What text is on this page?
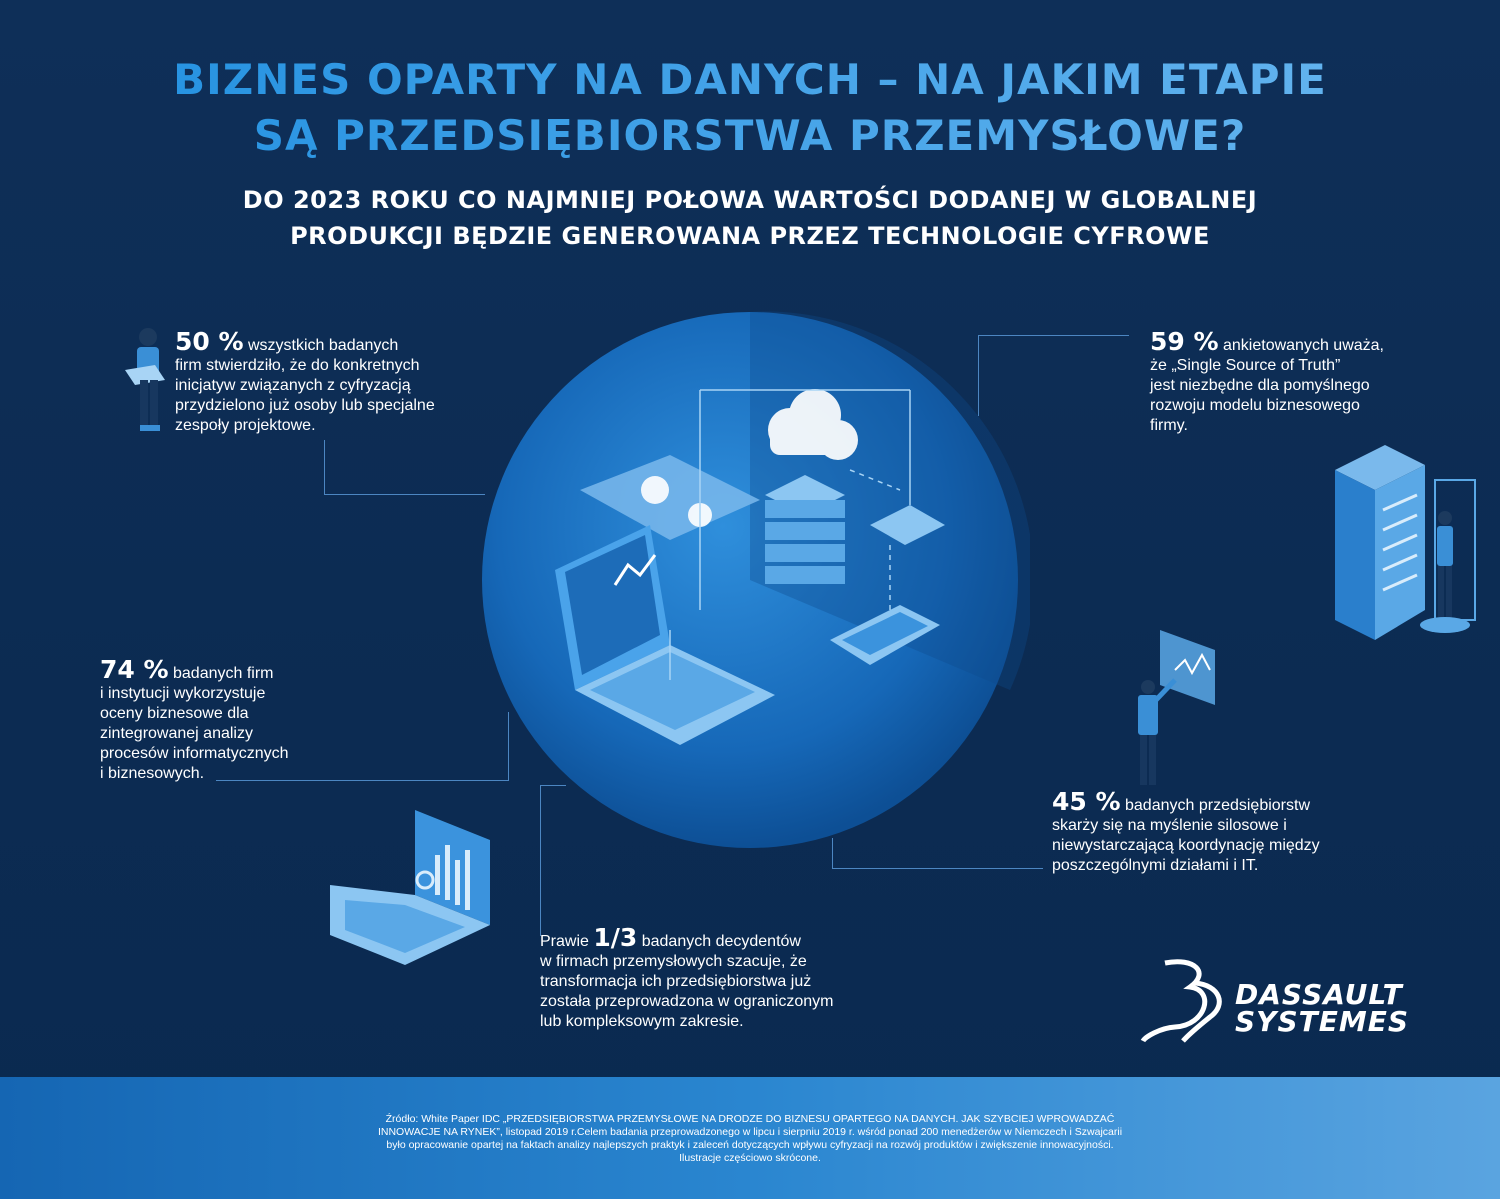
BIZNES OPARTY NA DANYCH – NA JAKIM ETAPIE
SĄ PRZEDSIĘBIORSTWA PRZEMYSŁOWE?
DO 2023 ROKU CO NAJMNIEJ POŁOWA WARTOŚCI DODANEJ W GLOBALNEJ
PRODUKCJI BĘDZIE GENEROWANA PRZEZ TECHNOLOGIE CYFROWE
50 % wszystkich badanych
firm stwierdziło, że do konkretnych
inicjatyw związanych z cyfryzacją
przydzielono już osoby lub specjalne
zespoły projektowe.
59 % ankietowanych uważa,
że „Single Source of Truth”
jest niezbędne dla pomyślnego
rozwoju modelu biznesowego
firmy.
74 % badanych firm
i instytucji wykorzystuje
oceny biznesowe dla
zintegrowanej analizy
procesów informatycznych
i biznesowych.
45 % badanych przedsiębiorstw
skarży się na myślenie silosowe i
niewystarczającą koordynację między
poszczególnymi działami i IT.
Prawie 1/3 badanych decydentów
w firmach przemysłowych szacuje, że
transformacja ich przedsiębiorstwa już
została przeprowadzona w ograniczonym
lub kompleksowym zakresie.
DASSAULT
SYSTEMES
Źródło: White Paper IDC „PRZEDSIĘBIORSTWA PRZEMYSŁOWE NA DRODZE DO BIZNESU OPARTEGO NA DANYCH. JAK SZYBCIEJ WPROWADZAĆ
INNOWACJE NA RYNEK”, listopad 2019 r.Celem badania przeprowadzonego w lipcu i sierpniu 2019 r. wśród ponad 200 menedżerów w Niemczech i Szwajcarii
było opracowanie opartej na faktach analizy najlepszych praktyk i zaleceń dotyczących wpływu cyfryzacji na rozwój produktów i zwiększenie innowacyjności.
Ilustracje częściowo skrócone.
